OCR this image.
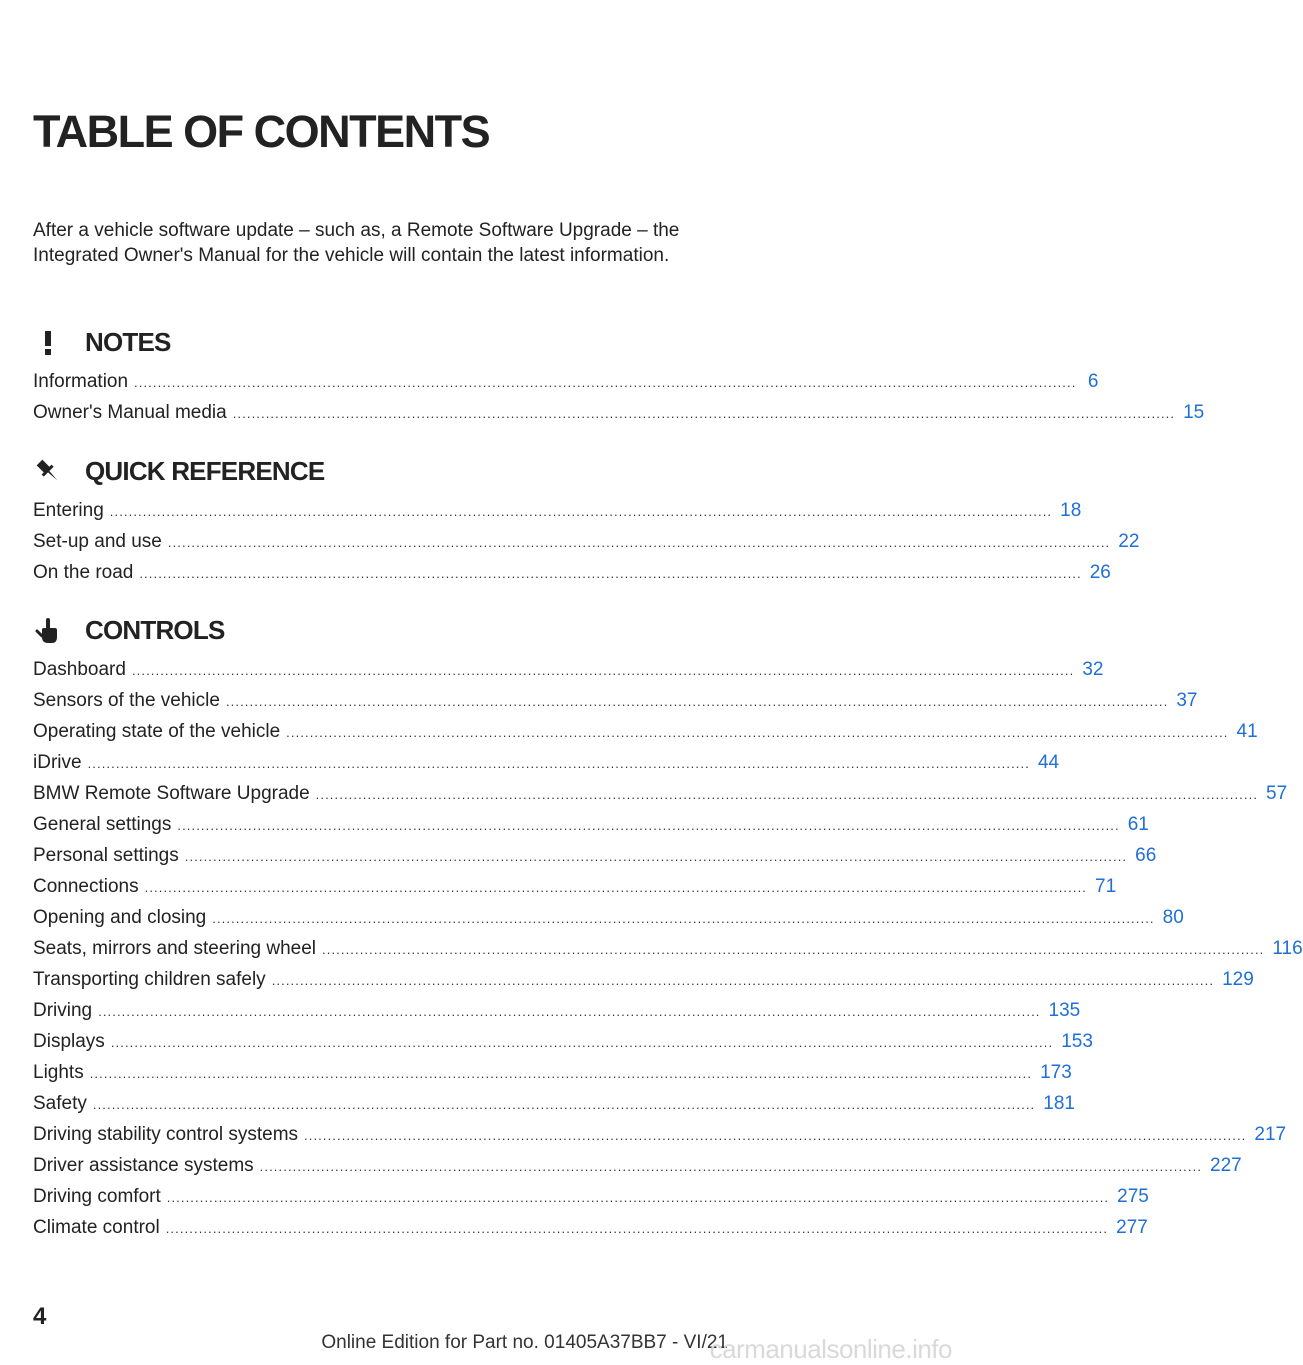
TABLE OF CONTENTS
After a vehicle software update – such as, a Remote Software Upgrade – the Integrated Owner's Manual for the vehicle will contain the latest information.
NOTES
Information ........................................................................................................................................................................................................ 6
Owner's Manual media ........................................................................................................................................................................................................ 15
QUICK REFERENCE
Entering ........................................................................................................................................................................................................ 18
Set-up and use ........................................................................................................................................................................................................ 22
On the road ........................................................................................................................................................................................................ 26
CONTROLS
Dashboard ........................................................................................................................................................................................................ 32
Sensors of the vehicle ........................................................................................................................................................................................................ 37
Operating state of the vehicle ........................................................................................................................................................................................................ 41
iDrive ........................................................................................................................................................................................................ 44
BMW Remote Software Upgrade ........................................................................................................................................................................................................ 57
General settings ........................................................................................................................................................................................................ 61
Personal settings ........................................................................................................................................................................................................ 66
Connections ........................................................................................................................................................................................................ 71
Opening and closing ........................................................................................................................................................................................................ 80
Seats, mirrors and steering wheel ........................................................................................................................................................................................................ 116
Transporting children safely ........................................................................................................................................................................................................ 129
Driving ........................................................................................................................................................................................................ 135
Displays ........................................................................................................................................................................................................ 153
Lights ........................................................................................................................................................................................................ 173
Safety ........................................................................................................................................................................................................ 181
Driving stability control systems ........................................................................................................................................................................................................ 217
Driver assistance systems ........................................................................................................................................................................................................ 227
Driving comfort ........................................................................................................................................................................................................ 275
Climate control ........................................................................................................................................................................................................ 277
4
Online Edition for Part no. 01405A37BB7 - VI/21
carmanualsonline.info
